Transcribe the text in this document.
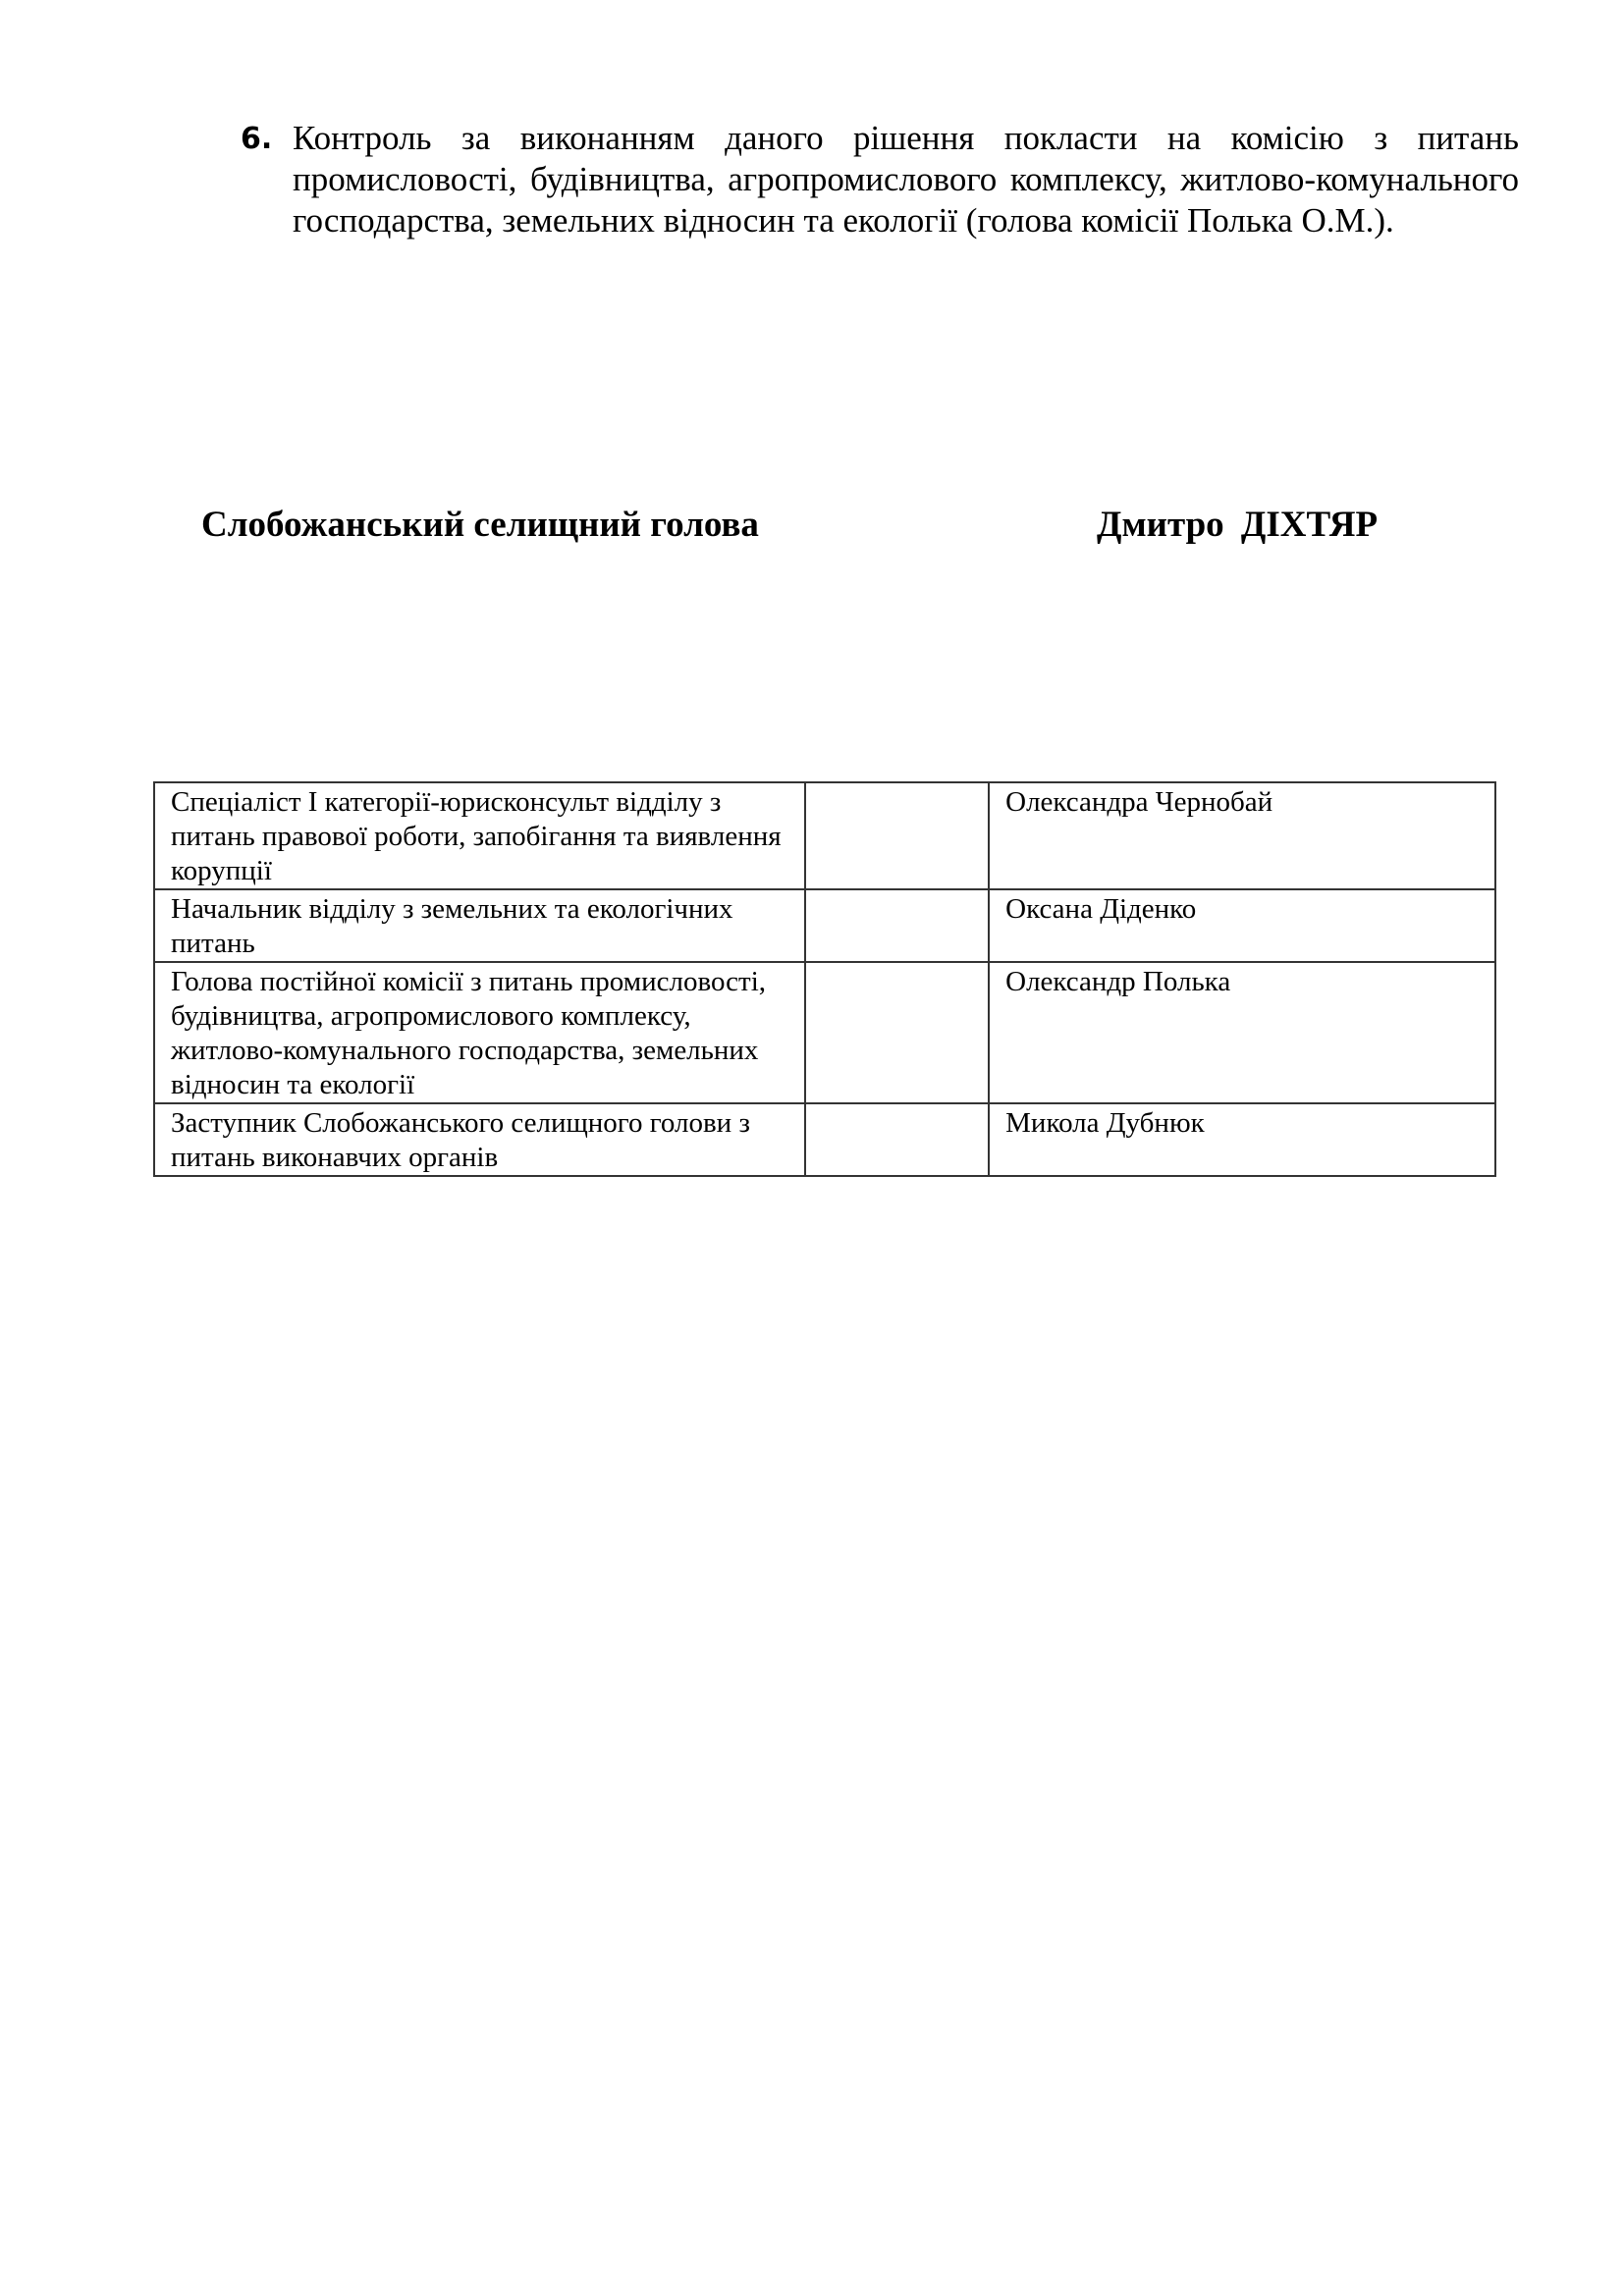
6. Контроль за виконанням даного рішення покласти на комісію з питань промисловості, будівництва, агропромислового комплексу, житлово-комунального господарства, земельних відносин та екології (голова комісії Полька О.М.).
Слобожанський селищний голова	Дмитро ДІХТЯР
Спеціаліст І категорії-юрисконсульт відділу з питань правової роботи, запобігання та виявлення корупції		Олександра Чернобай
Начальник відділу з земельних та екологічних питань		Оксана Діденко
Голова постійної комісії з питань промисловості, будівництва, агропромислового комплексу, житлово-комунального господарства, земельних відносин та екології		Олександр Полька
Заступник Слобожанського селищного голови з питань виконавчих органів		Микола Дубнюк
